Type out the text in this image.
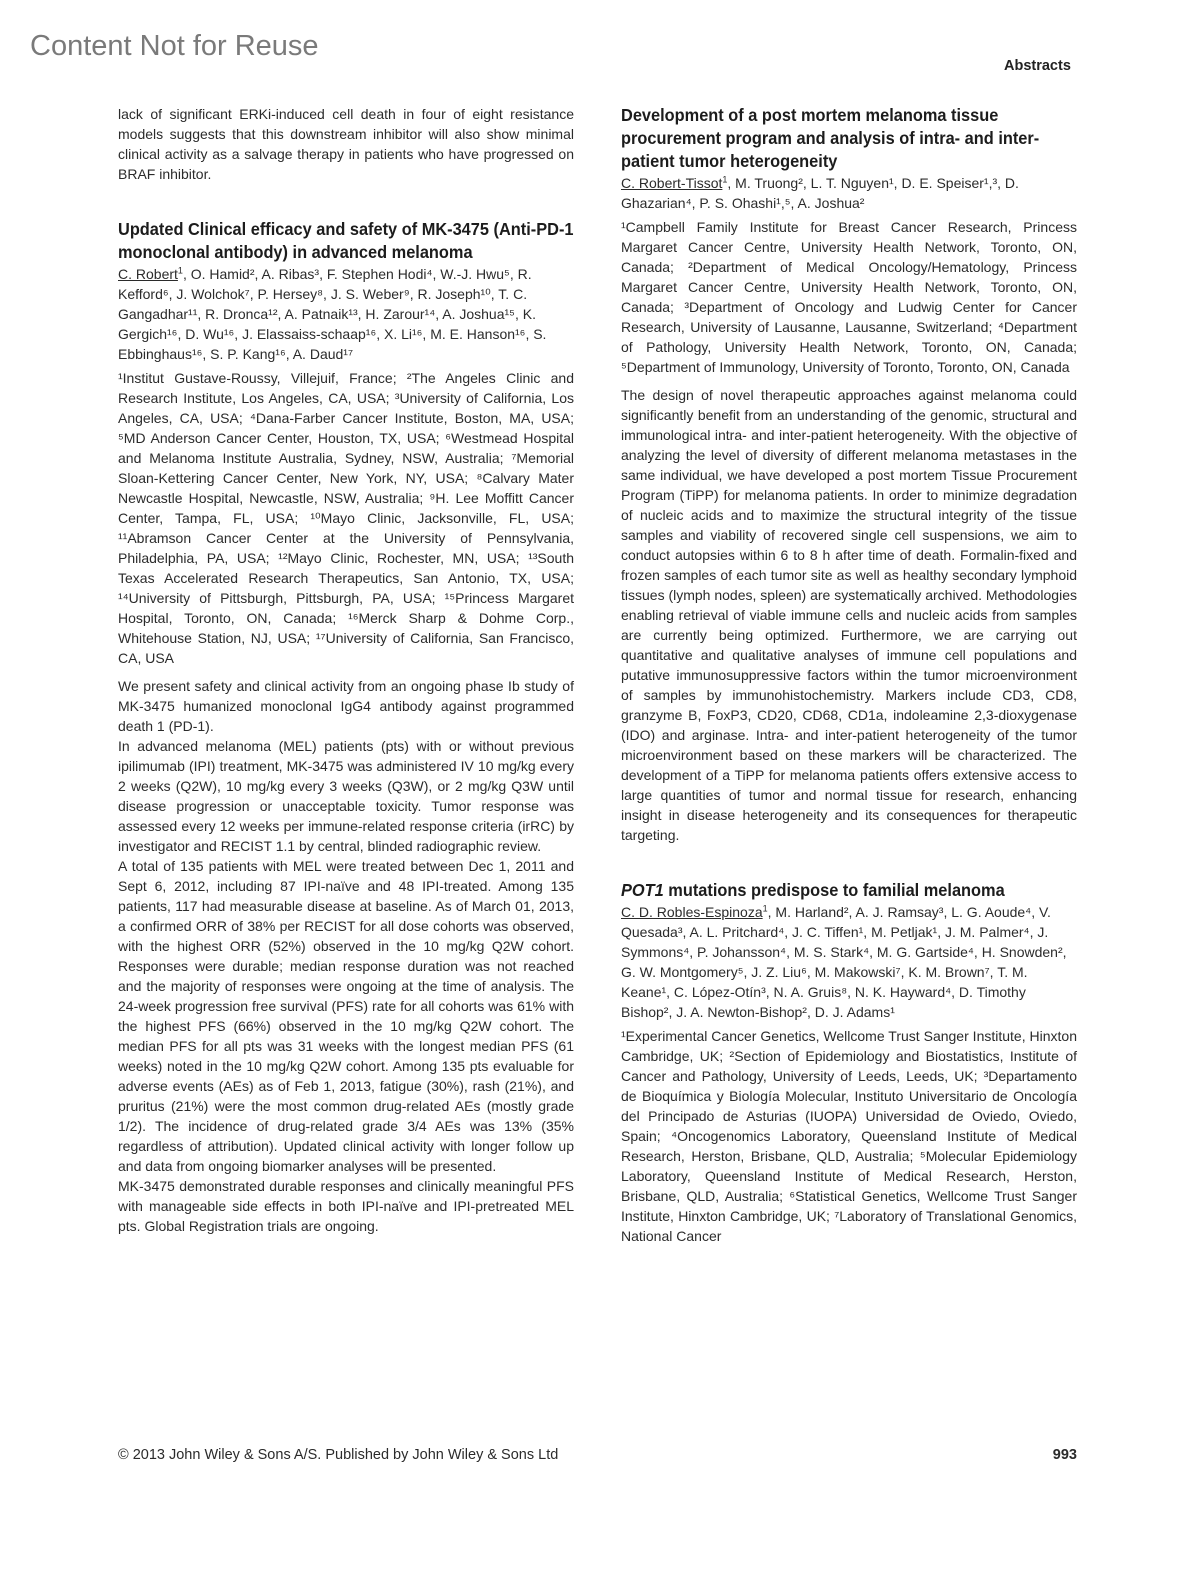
Content Not for Reuse
Abstracts

lack of significant ERKi-induced cell death in four of eight resistance models suggests that this downstream inhibitor will also show minimal clinical activity as a salvage therapy in patients who have progressed on BRAF inhibitor.

Updated Clinical efficacy and safety of MK-3475 (Anti-PD-1 monoclonal antibody) in advanced melanoma
C. Robert$^1$, O. Hamid², A. Ribas³, F. Stephen Hodi⁴, W.-J. Hwu⁵, R. Kefford⁶, J. Wolchok⁷, P. Hersey⁸, J. S. Weber⁹, R. Joseph¹⁰, T. C. Gangadhar¹¹, R. Dronca¹², A. Patnaik¹³, H. Zarour¹⁴, A. Joshua¹⁵, K. Gergich¹⁶, D. Wu¹⁶, J. Elassaiss-schaap¹⁶, X. Li¹⁶, M. E. Hanson¹⁶, S. Ebbinghaus¹⁶, S. P. Kang¹⁶, A. Daud¹⁷

¹Institut Gustave-Roussy, Villejuif, France; ²The Angeles Clinic and Research Institute, Los Angeles, CA, USA; ³University of California, Los Angeles, CA, USA; ⁴Dana-Farber Cancer Institute, Boston, MA, USA; ⁵MD Anderson Cancer Center, Houston, TX, USA; ⁶Westmead Hospital and Melanoma Institute Australia, Sydney, NSW, Australia; ⁷Memorial Sloan-Kettering Cancer Center, New York, NY, USA; ⁸Calvary Mater Newcastle Hospital, Newcastle, NSW, Australia; ⁹H. Lee Moffitt Cancer Center, Tampa, FL, USA; ¹⁰Mayo Clinic, Jacksonville, FL, USA; ¹¹Abramson Cancer Center at the University of Pennsylvania, Philadelphia, PA, USA; ¹²Mayo Clinic, Rochester, MN, USA; ¹³South Texas Accelerated Research Therapeutics, San Antonio, TX, USA; ¹⁴University of Pittsburgh, Pittsburgh, PA, USA; ¹⁵Princess Margaret Hospital, Toronto, ON, Canada; ¹⁶Merck Sharp & Dohme Corp., Whitehouse Station, NJ, USA; ¹⁷University of California, San Francisco, CA, USA

We present safety and clinical activity from an ongoing phase Ib study of MK-3475 humanized monoclonal IgG4 antibody against programmed death 1 (PD-1).

In advanced melanoma (MEL) patients (pts) with or without previous ipilimumab (IPI) treatment, MK-3475 was administered IV 10 mg/kg every 2 weeks (Q2W), 10 mg/kg every 3 weeks (Q3W), or 2 mg/kg Q3W until disease progression or unacceptable toxicity. Tumor response was assessed every 12 weeks per immune-related response criteria (irRC) by investigator and RECIST 1.1 by central, blinded radiographic review.

A total of 135 patients with MEL were treated between Dec 1, 2011 and Sept 6, 2012, including 87 IPI-naïve and 48 IPI-treated. Among 135 patients, 117 had measurable disease at baseline. As of March 01, 2013, a confirmed ORR of 38% per RECIST for all dose cohorts was observed, with the highest ORR (52%) observed in the 10 mg/kg Q2W cohort. Responses were durable; median response duration was not reached and the majority of responses were ongoing at the time of analysis. The 24-week progression free survival (PFS) rate for all cohorts was 61% with the highest PFS (66%) observed in the 10 mg/kg Q2W cohort. The median PFS for all pts was 31 weeks with the longest median PFS (61 weeks) noted in the 10 mg/kg Q2W cohort. Among 135 pts evaluable for adverse events (AEs) as of Feb 1, 2013, fatigue (30%), rash (21%), and pruritus (21%) were the most common drug-related AEs (mostly grade 1/2). The incidence of drug-related grade 3/4 AEs was 13% (35% regardless of attribution). Updated clinical activity with longer follow up and data from ongoing biomarker analyses will be presented.

MK-3475 demonstrated durable responses and clinically meaningful PFS with manageable side effects in both IPI-naïve and IPI-pretreated MEL pts. Global Registration trials are ongoing.

Development of a post mortem melanoma tissue procurement program and analysis of intra- and inter-patient tumor heterogeneity
C. Robert-Tissot$^1$, M. Truong², L. T. Nguyen¹, D. E. Speiser¹,³, D. Ghazarian⁴, P. S. Ohashi¹,⁵, A. Joshua²

¹Campbell Family Institute for Breast Cancer Research, Princess Margaret Cancer Centre, University Health Network, Toronto, ON, Canada; ²Department of Medical Oncology/Hematology, Princess Margaret Cancer Centre, University Health Network, Toronto, ON, Canada; ³Department of Oncology and Ludwig Center for Cancer Research, University of Lausanne, Lausanne, Switzerland; ⁴Department of Pathology, University Health Network, Toronto, ON, Canada; ⁵Department of Immunology, University of Toronto, Toronto, ON, Canada

The design of novel therapeutic approaches against melanoma could significantly benefit from an understanding of the genomic, structural and immunological intra- and inter-patient heterogeneity. With the objective of analyzing the level of diversity of different melanoma metastases in the same individual, we have developed a post mortem Tissue Procurement Program (TiPP) for melanoma patients. In order to minimize degradation of nucleic acids and to maximize the structural integrity of the tissue samples and viability of recovered single cell suspensions, we aim to conduct autopsies within 6 to 8 h after time of death. Formalin-fixed and frozen samples of each tumor site as well as healthy secondary lymphoid tissues (lymph nodes, spleen) are systematically archived. Methodologies enabling retrieval of viable immune cells and nucleic acids from samples are currently being optimized. Furthermore, we are carrying out quantitative and qualitative analyses of immune cell populations and putative immunosuppressive factors within the tumor microenvironment of samples by immunohistochemistry. Markers include CD3, CD8, granzyme B, FoxP3, CD20, CD68, CD1a, indoleamine 2,3-dioxygenase (IDO) and arginase. Intra- and inter-patient heterogeneity of the tumor microenvironment based on these markers will be characterized. The development of a TiPP for melanoma patients offers extensive access to large quantities of tumor and normal tissue for research, enhancing insight in disease heterogeneity and its consequences for therapeutic targeting.

POT1 mutations predispose to familial melanoma
C. D. Robles-Espinoza$^1$, M. Harland², A. J. Ramsay³, L. G. Aoude⁴, V. Quesada³, A. L. Pritchard⁴, J. C. Tiffen¹, M. Petljak¹, J. M. Palmer⁴, J. Symmons⁴, P. Johansson⁴, M. S. Stark⁴, M. G. Gartside⁴, H. Snowden², G. W. Montgomery⁵, J. Z. Liu⁶, M. Makowski⁷, K. M. Brown⁷, T. M. Keane¹, C. López-Otín³, N. A. Gruis⁸, N. K. Hayward⁴, D. Timothy Bishop², J. A. Newton-Bishop², D. J. Adams¹

¹Experimental Cancer Genetics, Wellcome Trust Sanger Institute, Hinxton Cambridge, UK; ²Section of Epidemiology and Biostatistics, Institute of Cancer and Pathology, University of Leeds, Leeds, UK; ³Departamento de Bioquímica y Biología Molecular, Instituto Universitario de Oncología del Principado de Asturias (IUOPA) Universidad de Oviedo, Oviedo, Spain; ⁴Oncogenomics Laboratory, Queensland Institute of Medical Research, Herston, Brisbane, QLD, Australia; ⁵Molecular Epidemiology Laboratory, Queensland Institute of Medical Research, Herston, Brisbane, QLD, Australia; ⁶Statistical Genetics, Wellcome Trust Sanger Institute, Hinxton Cambridge, UK; ⁷Laboratory of Translational Genomics, National Cancer

© 2013 John Wiley & Sons A/S. Published by John Wiley & Sons Ltd	993
